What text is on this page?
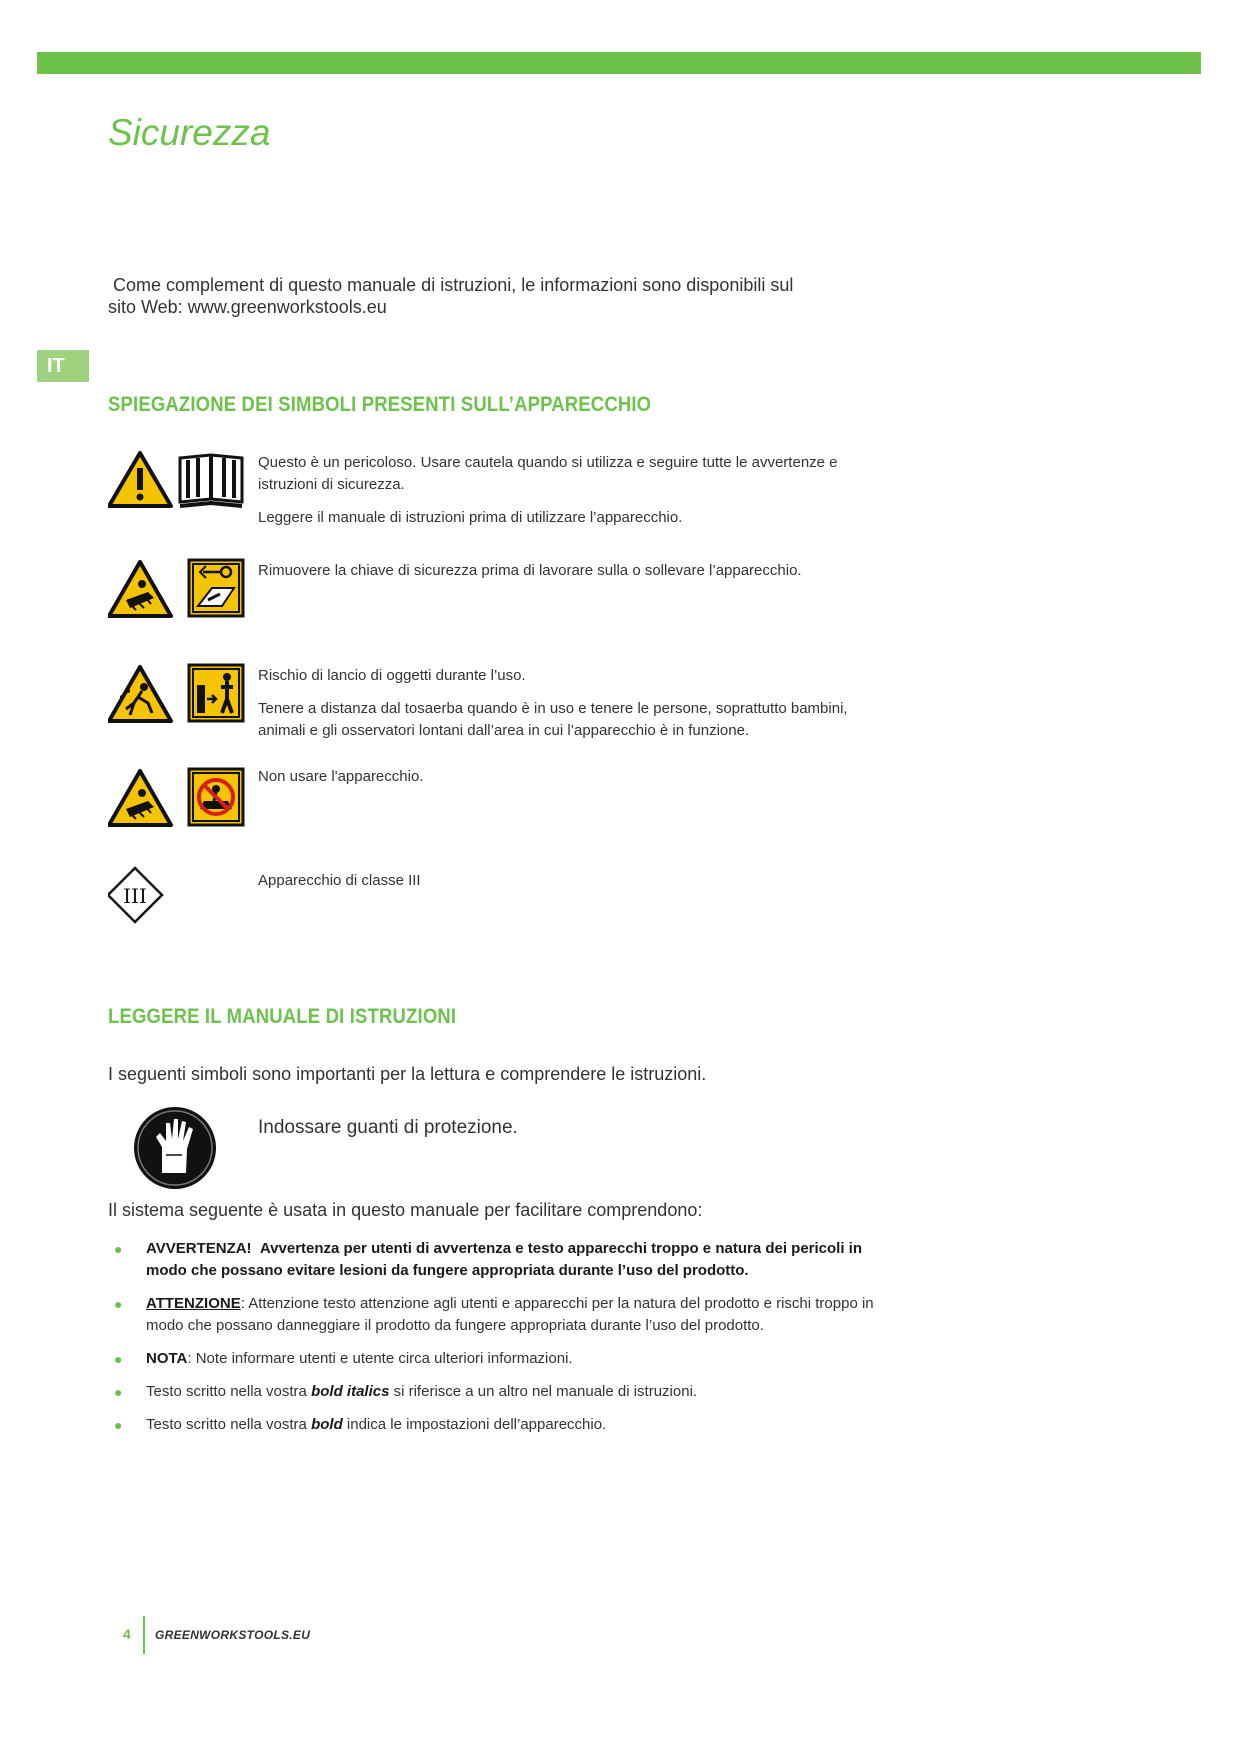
Sicurezza
Come complement di questo manuale di istruzioni, le informazioni sono disponibili sul
sito Web: www.greenworkstools.eu
IT
SPIEGAZIONE DEI SIMBOLI PRESENTI SULL’APPARECCHIO

Questo è un pericoloso. Usare cautela quando si utilizza e seguire tutte le avvertenze e istruzioni di sicurezza.

Leggere il manuale di istruzioni prima di utilizzare l’apparecchio.

Rimuovere la chiave di sicurezza prima di lavorare sulla o sollevare l’apparecchio.

Rischio di lancio di oggetti durante l’uso.

Tenere a distanza dal tosaerba quando è in uso e tenere le persone, soprattutto bambini, animali e gli osservatori lontani dall’area in cui l’apparecchio è in funzione.

Non usare l'apparecchio.

III

Apparecchio di classe III

LEGGERE IL MANUALE DI ISTRUZIONI
I seguenti simboli sono importanti per la lettura e comprendere le istruzioni.
Indossare guanti di protezione.
Il sistema seguente è usata in questo manuale per facilitare comprendono:
● AVVERTENZA! Avvertenza per utenti di avvertenza e testo apparecchi troppo e natura dei pericoli in modo che possano evitare lesioni da fungere appropriata durante l’uso del prodotto.
● ATTENZIONE: Attenzione testo attenzione agli utenti e apparecchi per la natura del prodotto e rischi troppo in modo che possano danneggiare il prodotto da fungere appropriata durante l’uso del prodotto.
● NOTA: Note informare utenti e utente circa ulteriori informazioni.
● Testo scritto nella vostra bold italics si riferisce a un altro nel manuale di istruzioni.
● Testo scritto nella vostra bold indica le impostazioni dell’apparecchio.
4 GREENWORKSTOOLS.EU
